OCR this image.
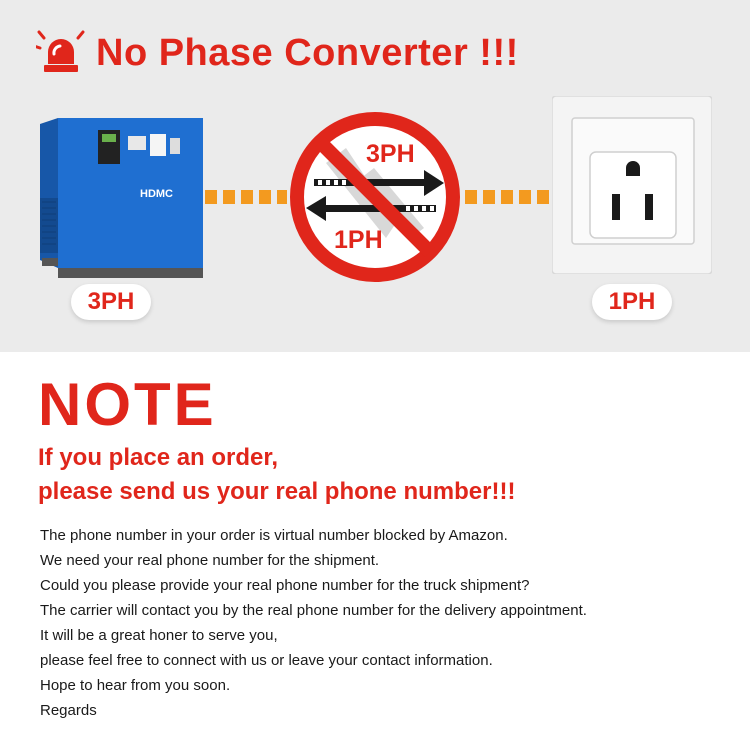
No Phase Converter !!!
HDMC
3PH
1PH
3PH	1PH
NOTE
If you place an order,
please send us your real phone number!!!
The phone number in your order is virtual number blocked by Amazon.
We need your real phone number for the shipment.
Could you please provide your real phone number for the truck shipment?
The carrier will contact you by the real phone number for the delivery appointment.
It will be a great honer to serve you,
please feel free to connect with us or leave your contact information.
Hope to hear from you soon.
Regards
